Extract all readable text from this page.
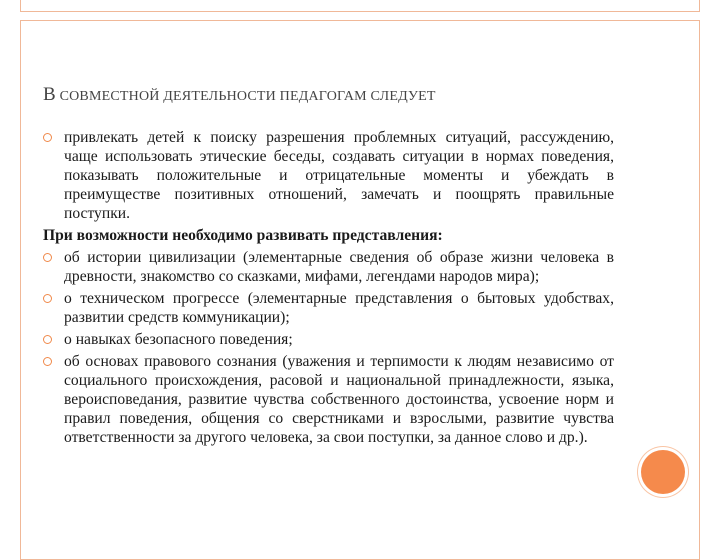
В СОВМЕСТНОЙ ДЕЯТЕЛЬНОСТИ ПЕДАГОГАМ СЛЕДУЕТ
привлекать детей к поиску разрешения проблемных ситуаций, рассуждению, чаще использовать этические беседы, создавать ситуации в нормах поведения, показывать положительные и отрицательные моменты и убеждать в преимуществе позитивных отношений, замечать и поощрять правильные поступки.
При возможности необходимо развивать представления:
об истории цивилизации (элементарные сведения об образе жизни человека в древности, знакомство со сказками, мифами, легендами народов мира);
о техническом прогрессе (элементарные представления о бытовых удобствах, развитии средств коммуникации);
о навыках безопасного поведения;
об основах правового сознания (уважения и терпимости к людям независимо от социального происхождения, расовой и национальной принадлежности, языка, вероисповедания, развитие чувства собственного достоинства, усвоение норм и правил поведения, общения со сверстниками и взрослыми, развитие чувства ответственности за другого человека, за свои поступки, за данное слово и др.).
